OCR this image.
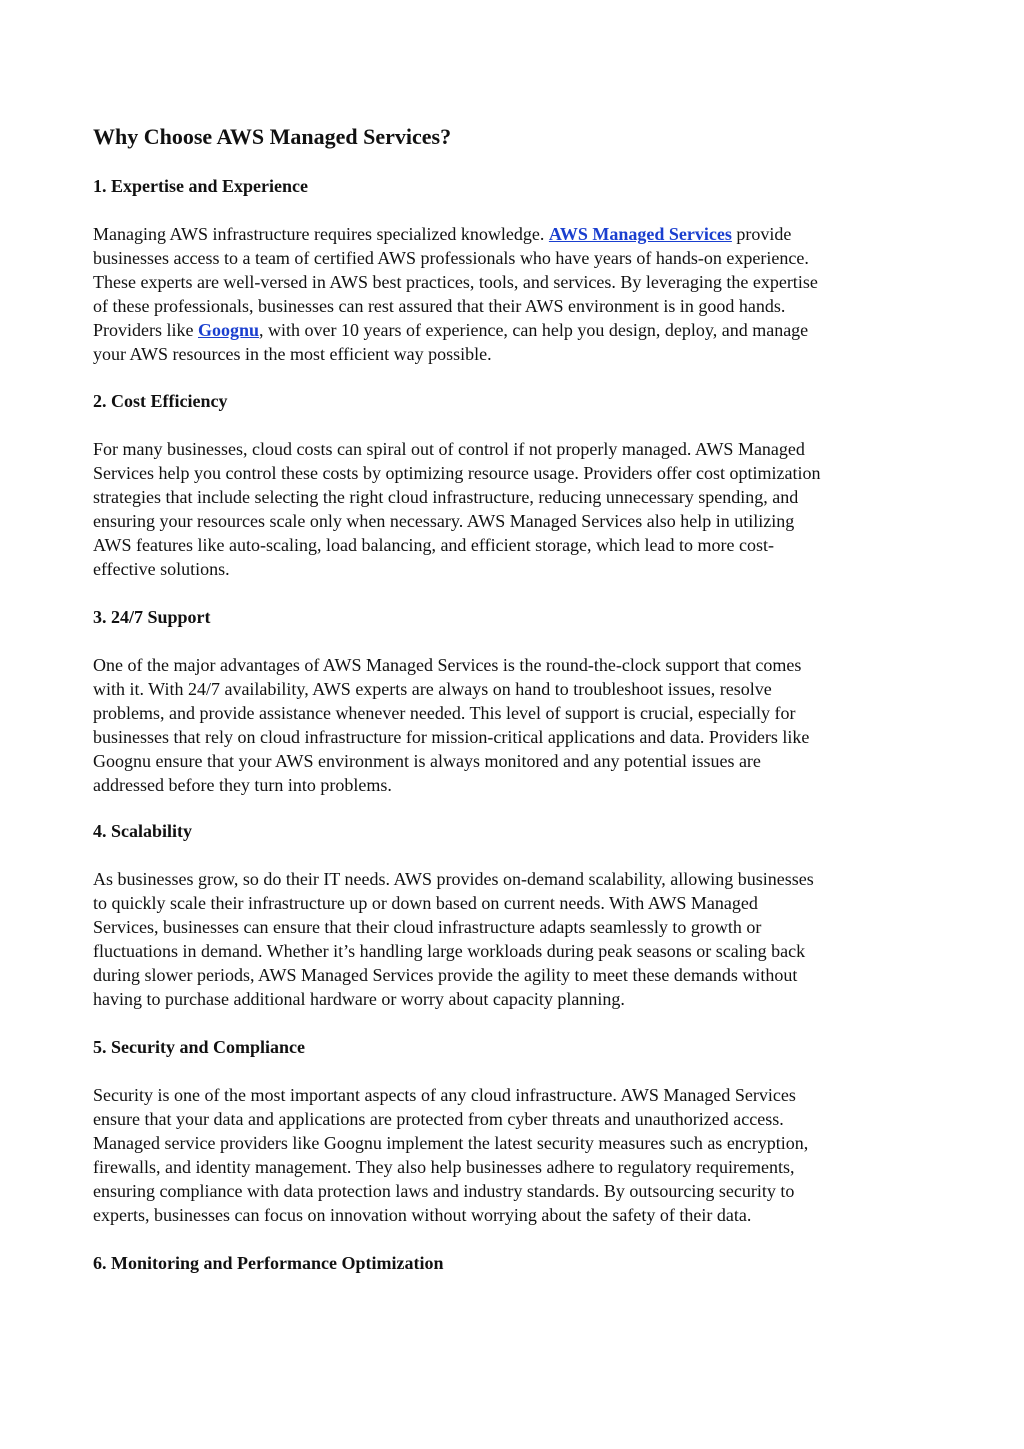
Why Choose AWS Managed Services?
1. Expertise and Experience
Managing AWS infrastructure requires specialized knowledge. AWS Managed Services provide
businesses access to a team of certified AWS professionals who have years of hands-on experience.
These experts are well-versed in AWS best practices, tools, and services. By leveraging the expertise
of these professionals, businesses can rest assured that their AWS environment is in good hands.
Providers like Goognu, with over 10 years of experience, can help you design, deploy, and manage
your AWS resources in the most efficient way possible.
2. Cost Efficiency
For many businesses, cloud costs can spiral out of control if not properly managed. AWS Managed
Services help you control these costs by optimizing resource usage. Providers offer cost optimization
strategies that include selecting the right cloud infrastructure, reducing unnecessary spending, and
ensuring your resources scale only when necessary. AWS Managed Services also help in utilizing
AWS features like auto-scaling, load balancing, and efficient storage, which lead to more cost-
effective solutions.
3. 24/7 Support
One of the major advantages of AWS Managed Services is the round-the-clock support that comes
with it. With 24/7 availability, AWS experts are always on hand to troubleshoot issues, resolve
problems, and provide assistance whenever needed. This level of support is crucial, especially for
businesses that rely on cloud infrastructure for mission-critical applications and data. Providers like
Goognu ensure that your AWS environment is always monitored and any potential issues are
addressed before they turn into problems.
4. Scalability
As businesses grow, so do their IT needs. AWS provides on-demand scalability, allowing businesses
to quickly scale their infrastructure up or down based on current needs. With AWS Managed
Services, businesses can ensure that their cloud infrastructure adapts seamlessly to growth or
fluctuations in demand. Whether it’s handling large workloads during peak seasons or scaling back
during slower periods, AWS Managed Services provide the agility to meet these demands without
having to purchase additional hardware or worry about capacity planning.
5. Security and Compliance
Security is one of the most important aspects of any cloud infrastructure. AWS Managed Services
ensure that your data and applications are protected from cyber threats and unauthorized access.
Managed service providers like Goognu implement the latest security measures such as encryption,
firewalls, and identity management. They also help businesses adhere to regulatory requirements,
ensuring compliance with data protection laws and industry standards. By outsourcing security to
experts, businesses can focus on innovation without worrying about the safety of their data.
6. Monitoring and Performance Optimization
